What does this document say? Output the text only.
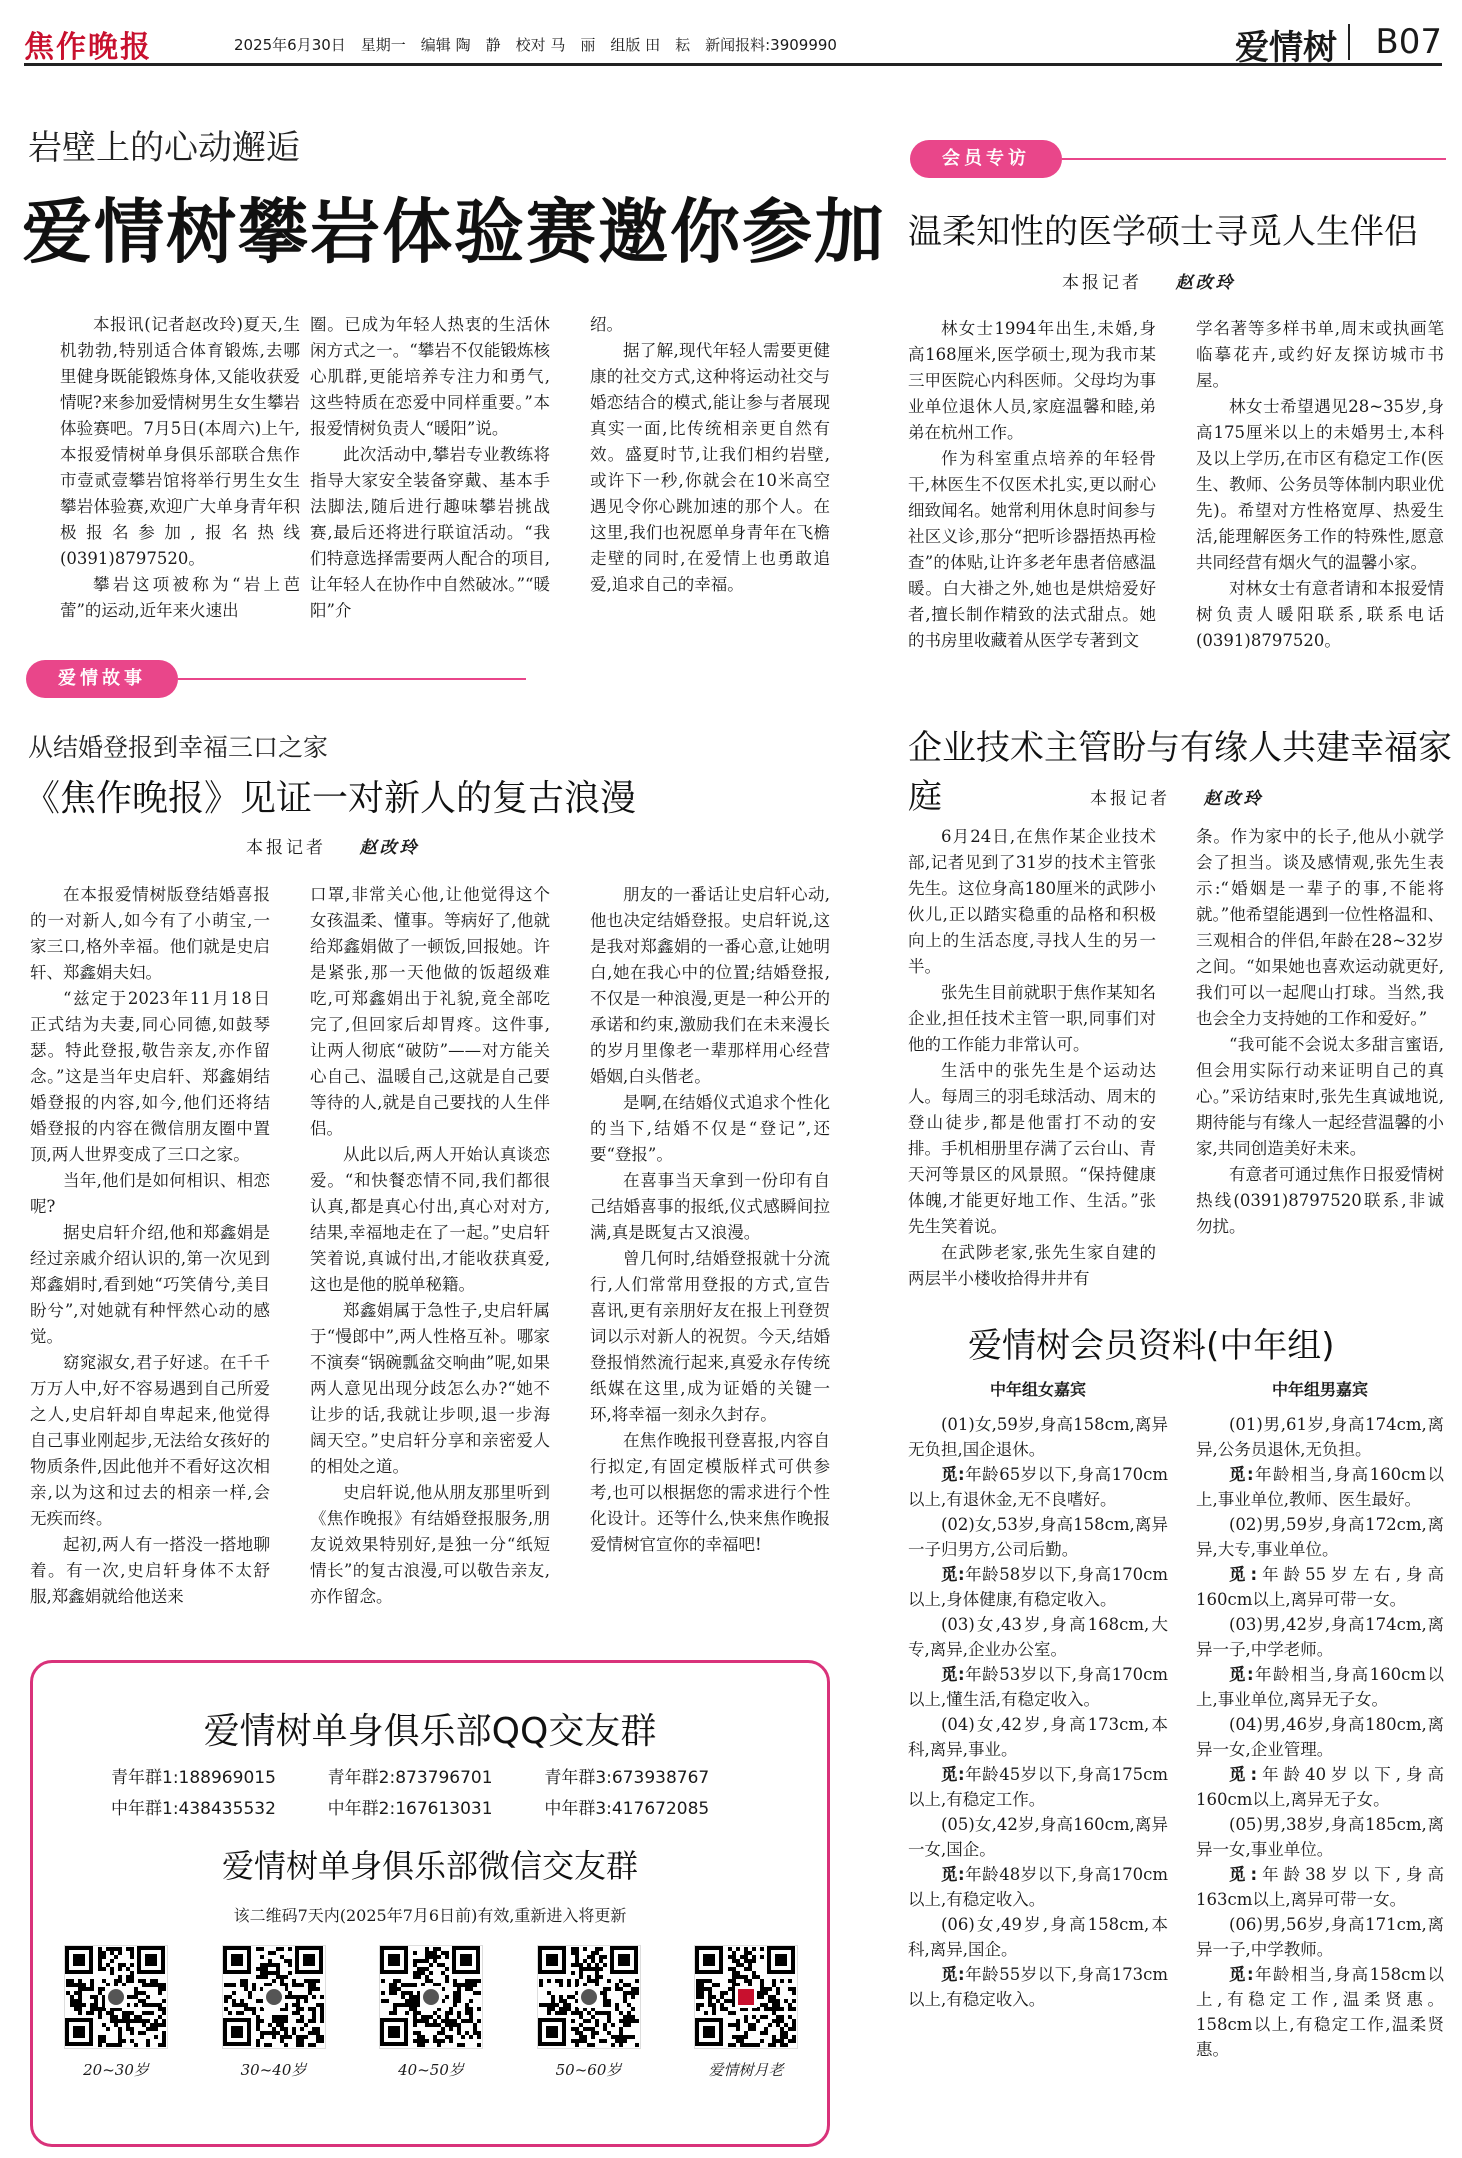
焦作晚报	2025年6月30日　星期一　编辑 陶　静　校对 马　丽　组版 田　耘　新闻报料:3909990	爱情树 B07
岩壁上的心动邂逅
爱情树攀岩体验赛邀你参加

本报讯(记者赵改玲)夏天,生机勃勃,特别适合体育锻炼,去哪里健身既能锻炼身体,又能收获爱情呢?来参加爱情树男生女生攀岩体验赛吧。7月5日(本周六)上午,本报爱情树单身俱乐部联合焦作市壹贰壹攀岩馆将举行男生女生攀岩体验赛,欢迎广大单身青年积极报名参加,报名热线(0391)8797520。

攀岩这项被称为“岩上芭蕾”的运动,近年来火速出

圈。已成为年轻人热衷的生活休闲方式之一。“攀岩不仅能锻炼核心肌群,更能培养专注力和勇气,这些特质在恋爱中同样重要。”本报爱情树负责人“暖阳”说。

此次活动中,攀岩专业教练将指导大家安全装备穿戴、基本手法脚法,随后进行趣味攀岩挑战赛,最后还将进行联谊活动。“我们特意选择需要两人配合的项目,让年轻人在协作中自然破冰。”“暖阳”介

绍。

据了解,现代年轻人需要更健康的社交方式,这种将运动社交与婚恋结合的模式,能让参与者展现真实一面,比传统相亲更自然有效。盛夏时节,让我们相约岩壁,或许下一秒,你就会在10米高空遇见令你心跳加速的那个人。在这里,我们也祝愿单身青年在飞檐走壁的同时,在爱情上也勇敢追爱,追求自己的幸福。

爱情故事
从结婚登报到幸福三口之家
《焦作晚报》见证一对新人的复古浪漫
本报记者 赵改玲

在本报爱情树版登结婚喜报的一对新人,如今有了小萌宝,一家三口,格外幸福。他们就是史启轩、郑鑫娟夫妇。

“兹定于2023年11月18日正式结为夫妻,同心同德,如鼓琴瑟。特此登报,敬告亲友,亦作留念。”这是当年史启轩、郑鑫娟结婚登报的内容,如今,他们还将结婚登报的内容在微信朋友圈中置顶,两人世界变成了三口之家。

当年,他们是如何相识、相恋呢?

据史启轩介绍,他和郑鑫娟是经过亲戚介绍认识的,第一次见到郑鑫娟时,看到她“巧笑倩兮,美目盼兮”,对她就有种怦然心动的感觉。

窈窕淑女,君子好逑。在千千万万人中,好不容易遇到自己所爱之人,史启轩却自卑起来,他觉得自己事业刚起步,无法给女孩好的物质条件,因此他并不看好这次相亲,以为这和过去的相亲一样,会无疾而终。

起初,两人有一搭没一搭地聊着。有一次,史启轩身体不太舒服,郑鑫娟就给他送来

口罩,非常关心他,让他觉得这个女孩温柔、懂事。等病好了,他就给郑鑫娟做了一顿饭,回报她。许是紧张,那一天他做的饭超级难吃,可郑鑫娟出于礼貌,竟全部吃完了,但回家后却胃疼。这件事,让两人彻底“破防”——对方能关心自己、温暖自己,这就是自己要等待的人,就是自己要找的人生伴侣。

从此以后,两人开始认真谈恋爱。“和快餐恋情不同,我们都很认真,都是真心付出,真心对对方,结果,幸福地走在了一起。”史启轩笑着说,真诚付出,才能收获真爱,这也是他的脱单秘籍。

郑鑫娟属于急性子,史启轩属于“慢郎中”,两人性格互补。哪家不演奏“锅碗瓢盆交响曲”呢,如果两人意见出现分歧怎么办?“她不让步的话,我就让步呗,退一步海阔天空。”史启轩分享和亲密爱人的相处之道。

史启轩说,他从朋友那里听到《焦作晚报》有结婚登报服务,朋友说效果特别好,是独一分“纸短情长”的复古浪漫,可以敬告亲友,亦作留念。

朋友的一番话让史启轩心动,他也决定结婚登报。史启轩说,这是我对郑鑫娟的一番心意,让她明白,她在我心中的位置;结婚登报,不仅是一种浪漫,更是一种公开的承诺和约束,激励我们在未来漫长的岁月里像老一辈那样用心经营婚姻,白头偕老。

是啊,在结婚仪式追求个性化的当下,结婚不仅是“登记”,还要“登报”。

在喜事当天拿到一份印有自己结婚喜事的报纸,仪式感瞬间拉满,真是既复古又浪漫。

曾几何时,结婚登报就十分流行,人们常常用登报的方式,宣告喜讯,更有亲朋好友在报上刊登贺词以示对新人的祝贺。今天,结婚登报悄然流行起来,真爱永存传统纸媒在这里,成为证婚的关键一环,将幸福一刻永久封存。

在焦作晚报刊登喜报,内容自行拟定,有固定模版样式可供参考,也可以根据您的需求进行个性化设计。还等什么,快来焦作晚报爱情树官宣你的幸福吧!

爱情树单身俱乐部QQ交友群
青年群1:188969015	青年群2:873796701	青年群3:673938767
中年群1:438435532	中年群2:167613031	中年群3:417672085
爱情树单身俱乐部微信交友群
该二维码7天内(2025年7月6日前)有效,重新进入将更新
20~30岁	30~40岁	40~50岁	50~60岁	爱情树月老
会员专访
温柔知性的医学硕士寻觅人生伴侣
本报记者 赵改玲

林女士1994年出生,未婚,身高168厘米,医学硕士,现为我市某三甲医院心内科医师。父母均为事业单位退休人员,家庭温馨和睦,弟弟在杭州工作。

作为科室重点培养的年轻骨干,林医生不仅医术扎实,更以耐心细致闻名。她常利用休息时间参与社区义诊,那分“把听诊器捂热再检查”的体贴,让许多老年患者倍感温暖。白大褂之外,她也是烘焙爱好者,擅长制作精致的法式甜点。她的书房里收藏着从医学专著到文

学名著等多样书单,周末或执画笔临摹花卉,或约好友探访城市书屋。

林女士希望遇见28~35岁,身高175厘米以上的未婚男士,本科及以上学历,在市区有稳定工作(医生、教师、公务员等体制内职业优先)。希望对方性格宽厚、热爱生活,能理解医务工作的特殊性,愿意共同经营有烟火气的温馨小家。

对林女士有意者请和本报爱情树负责人暖阳联系,联系电话(0391)8797520。

企业技术主管盼与有缘人共建幸福家庭	本报记者 赵改玲

6月24日,在焦作某企业技术部,记者见到了31岁的技术主管张先生。这位身高180厘米的武陟小伙儿,正以踏实稳重的品格和积极向上的生活态度,寻找人生的另一半。

张先生目前就职于焦作某知名企业,担任技术主管一职,同事们对他的工作能力非常认可。

生活中的张先生是个运动达人。每周三的羽毛球活动、周末的登山徒步,都是他雷打不动的安排。手机相册里存满了云台山、青天河等景区的风景照。“保持健康体魄,才能更好地工作、生活。”张先生笑着说。

在武陟老家,张先生家自建的两层半小楼收拾得井井有

条。作为家中的长子,他从小就学会了担当。谈及感情观,张先生表示:“婚姻是一辈子的事,不能将就。”他希望能遇到一位性格温和、三观相合的伴侣,年龄在28~32岁之间。“如果她也喜欢运动就更好,我们可以一起爬山打球。当然,我也会全力支持她的工作和爱好。”

“我可能不会说太多甜言蜜语,但会用实际行动来证明自己的真心。”采访结束时,张先生真诚地说,期待能与有缘人一起经营温馨的小家,共同创造美好未来。

有意者可通过焦作日报爱情树热线(0391)8797520联系,非诚勿扰。

爱情树会员资料(中年组)
中年组女嘉宾

(01)女,59岁,身高158cm,离异无负担,国企退休。

觅:年龄65岁以下,身高170cm以上,有退休金,无不良嗜好。

(02)女,53岁,身高158cm,离异一子归男方,公司后勤。

觅:年龄58岁以下,身高170cm以上,身体健康,有稳定收入。

(03)女,43岁,身高168cm,大专,离异,企业办公室。

觅:年龄53岁以下,身高170cm以上,懂生活,有稳定收入。

(04)女,42岁,身高173cm,本科,离异,事业。

觅:年龄45岁以下,身高175cm以上,有稳定工作。

(05)女,42岁,身高160cm,离异一女,国企。

觅:年龄48岁以下,身高170cm以上,有稳定收入。

(06)女,49岁,身高158cm,本科,离异,国企。

觅:年龄55岁以下,身高173cm以上,有稳定收入。

中年组男嘉宾

(01)男,61岁,身高174cm,离异,公务员退休,无负担。

觅:年龄相当,身高160cm以上,事业单位,教师、医生最好。

(02)男,59岁,身高172cm,离异,大专,事业单位。

觅:年龄55岁左右,身高160cm以上,离异可带一女。

(03)男,42岁,身高174cm,离异一子,中学老师。

觅:年龄相当,身高160cm以上,事业单位,离异无子女。

(04)男,46岁,身高180cm,离异一女,企业管理。

觅:年龄40岁以下,身高160cm以上,离异无子女。

(05)男,38岁,身高185cm,离异一女,事业单位。

觅:年龄38岁以下,身高163cm以上,离异可带一女。

(06)男,56岁,身高171cm,离异一子,中学教师。

觅:年龄相当,身高158cm以上,有稳定工作,温柔贤惠。158cm以上,有稳定工作,温柔贤惠。
